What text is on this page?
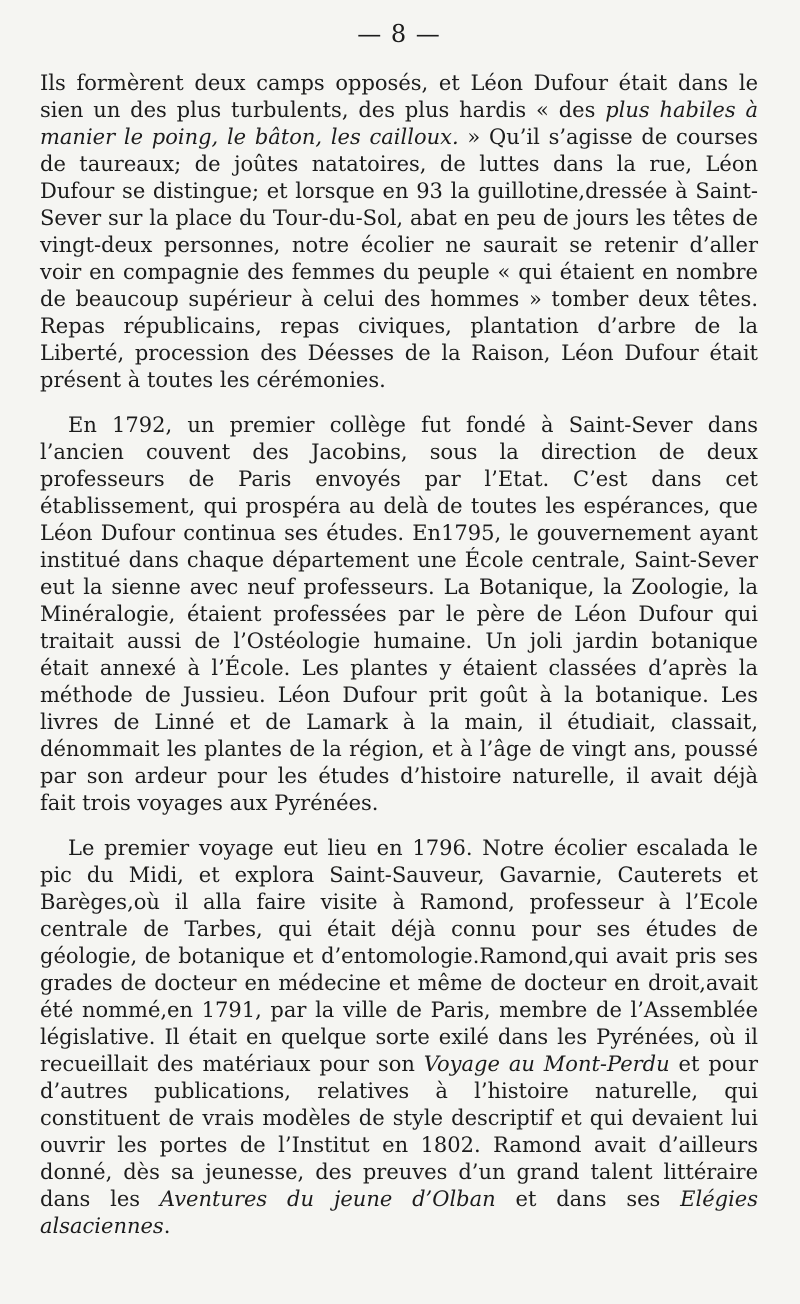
— 8 —

Ils formèrent deux camps opposés, et Léon Dufour était dans le sien un des plus turbulents, des plus hardis « des plus habiles à manier le poing, le bâton, les cailloux. » Qu’il s’agisse de courses de taureaux; de joûtes natatoires, de luttes dans la rue, Léon Dufour se distingue; et lorsque en 93 la guillotine,dressée à Saint-Sever sur la place du Tour-du-Sol, abat en peu de jours les têtes de vingt-deux personnes, notre écolier ne saurait se retenir d’aller voir en compagnie des femmes du peuple « qui étaient en nombre de beaucoup supérieur à celui des hommes » tomber deux têtes. Repas républicains, repas civiques, plantation d’arbre de la Liberté, procession des Déesses de la Raison, Léon Dufour était présent à toutes les cérémonies.

En 1792, un premier collège fut fondé à Saint-Sever dans l’ancien couvent des Jacobins, sous la direction de deux professeurs de Paris envoyés par l’Etat. C’est dans cet établissement, qui prospéra au delà de toutes les espérances, que Léon Dufour continua ses études. En1795, le gouvernement ayant institué dans chaque département une École centrale, Saint-Sever eut la sienne avec neuf professeurs. La Botanique, la Zoologie, la Minéralogie, étaient professées par le père de Léon Dufour qui traitait aussi de l’Ostéologie humaine. Un joli jardin botanique était annexé à l’École. Les plantes y étaient classées d’après la méthode de Jussieu. Léon Dufour prit goût à la botanique. Les livres de Linné et de Lamark à la main, il étudiait, classait, dénommait les plantes de la région, et à l’âge de vingt ans, poussé par son ardeur pour les études d’histoire naturelle, il avait déjà fait trois voyages aux Pyrénées.

Le premier voyage eut lieu en 1796. Notre écolier escalada le pic du Midi, et explora Saint-Sauveur, Gavarnie, Cauterets et Barèges,où il alla faire visite à Ramond, professeur à l’Ecole centrale de Tarbes, qui était déjà connu pour ses études de géologie, de botanique et d’entomologie.Ramond,qui avait pris ses grades de docteur en médecine et même de docteur en droit,avait été nommé,en 1791, par la ville de Paris, membre de l’Assemblée législative. Il était en quelque sorte exilé dans les Pyrénées, où il recueillait des matériaux pour son Voyage au Mont-Perdu et pour d’autres publications, relatives à l’histoire naturelle, qui constituent de vrais modèles de style descriptif et qui devaient lui ouvrir les portes de l’Institut en 1802. Ramond avait d’ailleurs donné, dès sa jeunesse, des preuves d’un grand talent littéraire dans les Aventures du jeune d’Olban et dans ses Elégies alsaciennes.
